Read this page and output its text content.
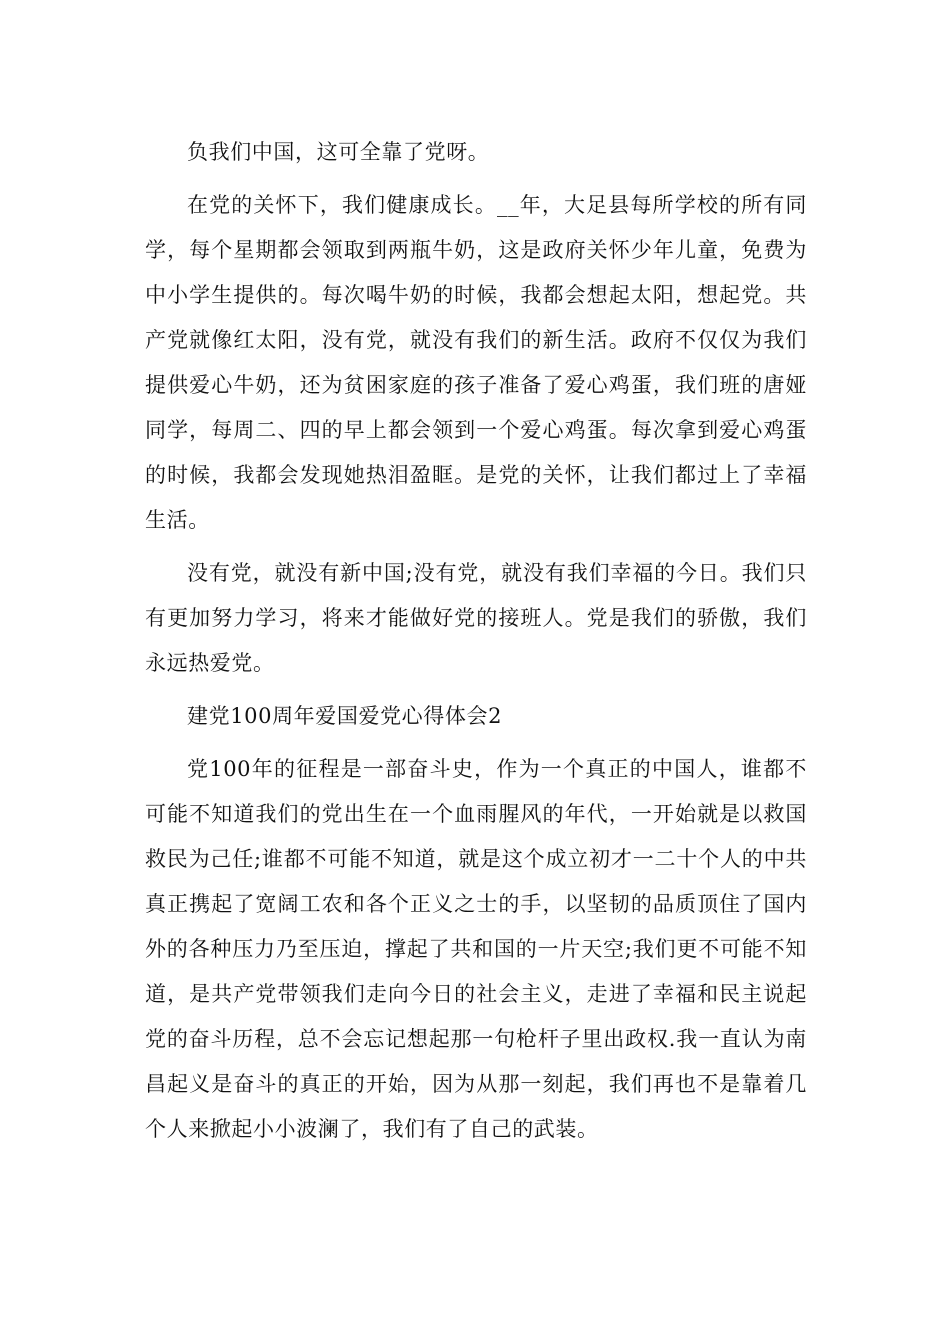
负我们中国，这可全靠了党呀。

在党的关怀下，我们健康成长。__年，大足县每所学校的所有同学，每个星期都会领取到两瓶牛奶，这是政府关怀少年儿童，免费为中小学生提供的。每次喝牛奶的时候，我都会想起太阳，想起党。共产党就像红太阳，没有党，就没有我们的新生活。政府不仅仅为我们提供爱心牛奶，还为贫困家庭的孩子准备了爱心鸡蛋，我们班的唐娅同学，每周二、四的早上都会领到一个爱心鸡蛋。每次拿到爱心鸡蛋的时候，我都会发现她热泪盈眶。是党的关怀，让我们都过上了幸福生活。

没有党，就没有新中国;没有党，就没有我们幸福的今日。我们只有更加努力学习，将来才能做好党的接班人。党是我们的骄傲，我们永远热爱党。

建党100周年爱国爱党心得体会2

党100年的征程是一部奋斗史，作为一个真正的中国人，谁都不可能不知道我们的党出生在一个血雨腥风的年代，一开始就是以救国救民为己任;谁都不可能不知道，就是这个成立初才一二十个人的中共真正携起了宽阔工农和各个正义之士的手，以坚韧的品质顶住了国内外的各种压力乃至压迫，撑起了共和国的一片天空;我们更不可能不知道，是共产党带领我们走向今日的社会主义，走进了幸福和民主说起党的奋斗历程，总不会忘记想起那一句枪杆子里出政权.我一直认为南昌起义是奋斗的真正的开始，因为从那一刻起，我们再也不是靠着几个人来掀起小小波澜了，我们有了自己的武装。
